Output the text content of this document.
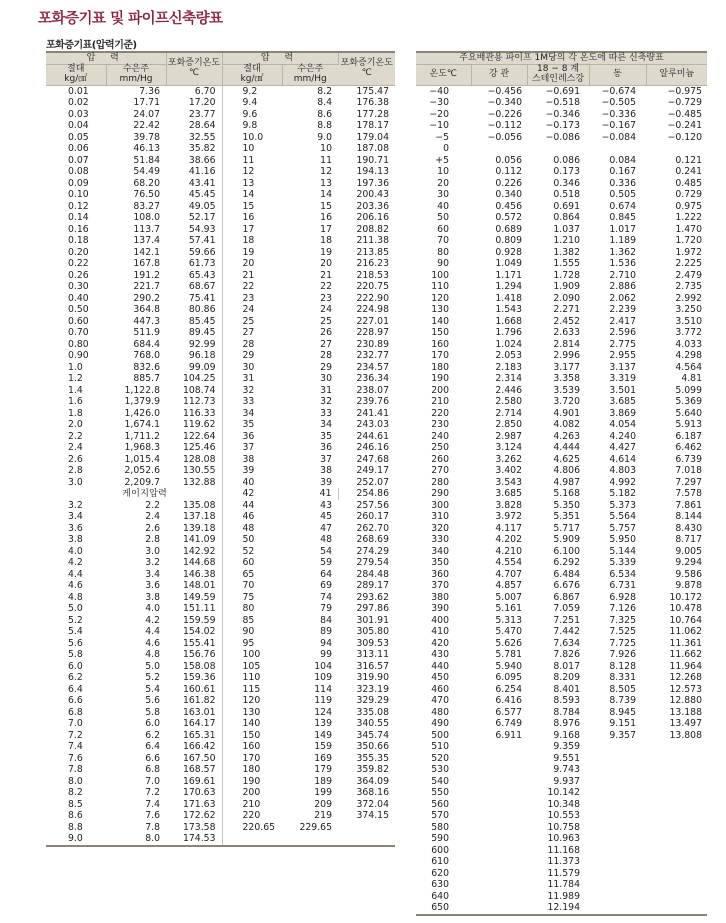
포화증기표 및 파이프신축량표
포화증기표(압력기준)
압 력		포화증기온도
℃	압 력		포화증기온도
℃
절대
kg/㎠	수은주
mm/Hg		절대
kg/㎠	수은주
mm/Hg	
0.01	7.36	6.70	9.2	8.2	175.47
0.02	17.71	17.20	9.4	8.4	176.38
0.03	24.07	23.77	9.6	8.6	177.28
0.04	22.42	28.64	9.8	8.8	178.17
0.05	39.78	32.55	10.0	9.0	179.04
0.06	46.13	35.82	10	10	187.08
0.07	51.84	38.66	11	11	190.71
0.08	54.49	41.16	12	12	194.13
0.09	68.20	43.41	13	13	197.36
0.10	76.50	45.45	14	14	200.43
0.12	83.27	49.05	15	15	203.36
0.14	108.0	52.17	16	16	206.16
0.16	113.7	54.93	17	17	208.82
0.18	137.4	57.41	18	18	211.38
0.20	142.1	59.66	19	19	213.85
0.22	167.8	61.73	20	20	216.23
0.26	191.2	65.43	21	21	218.53
0.30	221.7	68.67	22	22	220.75
0.40	290.2	75.41	23	23	222.90
0.50	364.8	80.86	24	24	224.98
0.60	447.3	85.45	25	25	227.01
0.70	511.9	89.45	27	26	228.97
0.80	684.4	92.99	28	27	230.89
0.90	768.0	96.18	29	28	232.77
1.0	832.6	99.09	30	29	234.57
1.2	885.7	104.25	31	30	236.34
1.4	1,122.8	108.74	32	31	238.07
1.6	1,379.9	112.73	33	32	239.76
1.8	1,426.0	116.33	34	33	241.41
2.0	1,674.1	119.62	35	34	243.03
2.2	1,711.2	122.64	36	35	244.61
2.4	1,968.3	125.46	37	36	246.16
2.6	1,015.4	128.08	38	37	247.68
2.8	2,052.6	130.55	39	38	249.17
3.0	2,209.7	132.88	40	39	252.07
게이지압력			42	41	254.86
3.2	2.2	135.08	44	43	257.56
3.4	2.4	137.18	46	45	260.17
3.6	2.6	139.18	48	47	262.70
3.8	2.8	141.09	50	48	268.69
4.0	3.0	142.92	52	54	274.29
4.2	3.2	144.68	60	59	279.54
4.4	3.4	146.38	65	64	284.48
4.6	3.6	148.01	70	69	289.17
4.8	3.8	149.59	75	74	293.62
5.0	4.0	151.11	80	79	297.86
5.2	4.2	159.59	85	84	301.91
5.4	4.4	154.02	90	89	305.80
5.6	4.6	155.41	95	94	309.53
5.8	4.8	156.76	100	99	313.11
6.0	5.0	158.08	105	104	316.57
6.2	5.2	159.36	110	109	319.90
6.4	5.4	160.61	115	114	323.19
6.6	5.6	161.82	120	119	329.29
6.8	5.8	163.01	130	124	335.08
7.0	6.0	164.17	140	139	340.55
7.2	6.2	165.31	150	149	345.74
7.4	6.4	166.42	160	159	350.66
7.6	6.6	167.50	170	169	355.35
7.8	6.8	168.57	180	179	359.82
8.0	7.0	169.61	190	189	364.09
8.2	7.2	170.63	200	199	368.16
8.5	7.4	171.63	210	209	372.04
8.6	7.6	172.62	220	219	374.15
8.8	7.8	173.58	220.65	229.65	
9.0	8.0	174.53			
주요배관용 파이프 1M당의 각 온도에 따른 신축량표				
온도℃	강 관	18 − 8 계
스테인레스강	동	알루미늄
−40	−0.456	−0.691	−0.674	−0.975
−30	−0.340	−0.518	−0.505	−0.729
−20	−0.226	−0.346	−0.336	−0.485
−10	−0.112	−0.173	−0.167	−0.241
−5	−0.056	−0.086	−0.084	−0.120
0				
+5	0.056	0.086	0.084	0.121
10	0.112	0.173	0.167	0.241
20	0.226	0.346	0.336	0.485
30	0.340	0.518	0.505	0.729
40	0.456	0.691	0.674	0.975
50	0.572	0.864	0.845	1.222
60	0.689	1.037	1.017	1.470
70	0.809	1.210	1.189	1.720
80	0.928	1.382	1.362	1.972
90	1.049	1.555	1.536	2.225
100	1.171	1.728	2.710	2.479
110	1.294	1.909	2.886	2.735
120	1.418	2.090	2.062	2.992
130	1.543	2.271	2.239	3.250
140	1.668	2.452	2.417	3.510
150	1.796	2.633	2.596	3.772
160	1.024	2.814	2.775	4.033
170	2.053	2.996	2.955	4.298
180	2.183	3.177	3.137	4.564
190	2.314	3.358	3.319	4.81
200	2.446	3.539	3.501	5.099
210	2.580	3.720	3.685	5.369
220	2.714	4.901	3.869	5.640
230	2.850	4.082	4.054	5.913
240	2.987	4.263	4.240	6.187
250	3.124	4.444	4.427	6.462
260	3.262	4.625	4.614	6.739
270	3.402	4.806	4.803	7.018
280	3.543	4.987	4.992	7.297
290	3.685	5.168	5.182	7.578
300	3.828	5.350	5.373	7.861
310	3.972	5.351	5.564	8.144
320	4.117	5.717	5.757	8.430
330	4.202	5.909	5.950	8.717
340	4.210	6.100	5.144	9.005
350	4.554	6.292	5.339	9.294
360	4.707	6.484	6.534	9.586
370	4.857	6.676	6.731	9.878
380	5.007	6.867	6.928	10.172
390	5.161	7.059	7.126	10.478
400	5.313	7.251	7.325	10.764
410	5.470	7.442	7.525	11.062
420	5.626	7.634	7.725	11.361
430	5.781	7.826	7.926	11.662
440	5.940	8.017	8.128	11.964
450	6.095	8.209	8.331	12.268
460	6.254	8.401	8.505	12.573
470	6.416	8.593	8.739	12.880
480	6.577	8.784	8.945	13.188
490	6.749	8.976	9.151	13.497
500	6.911	9.168	9.357	13.808
510		9.359		
520		9.551		
530		9.743		
540		9.937		
550		10.142		
560		10.348		
570		10.553		
580		10.758		
590		10.963		
600		11.168		
610		11.373		
620		11.579		
630		11.784		
640		11.989		
650		12.194		
